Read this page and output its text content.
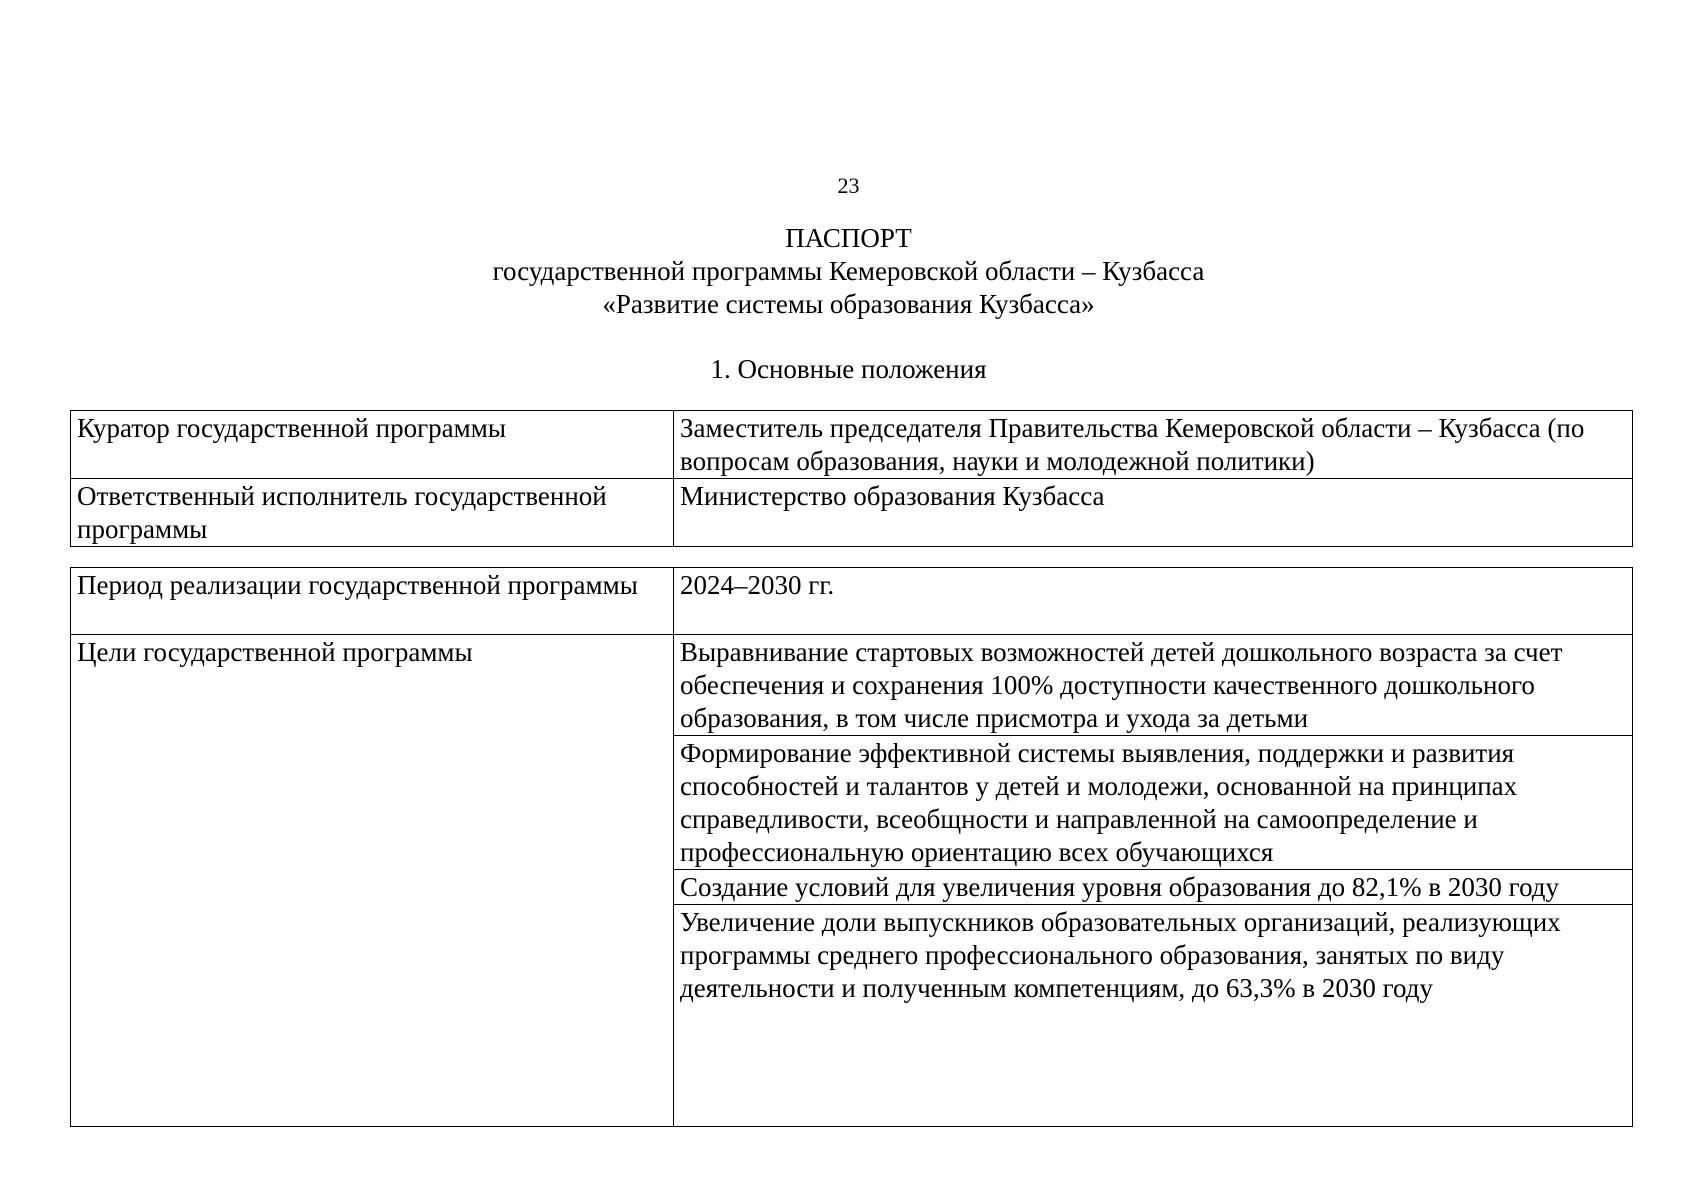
23
ПАСПОРТ
государственной программы Кемеровской области – Кузбасса
«Развитие системы образования Кузбасса»
1. Основные положения
Куратор государственной программы	Заместитель председателя Правительства Кемеровской области – Кузбасса (по вопросам образования, науки и молодежной политики)
Ответственный исполнитель государственной программы	Министерство образования Кузбасса
Период реализации государственной программы	2024–2030 гг.
Цели государственной программы	Выравнивание стартовых возможностей детей дошкольного возраста за счет обеспечения и сохранения 100% доступности качественного дошкольного образования, в том числе присмотра и ухода за детьми
Формирование эффективной системы выявления, поддержки и развития способностей и талантов у детей и молодежи, основанной на принципах справедливости, всеобщности и направленной на самоопределение и профессиональную ориентацию всех обучающихся
Создание условий для увеличения уровня образования до 82,1% в 2030 году
Увеличение доли выпускников образовательных организаций, реализующих программы среднего профессионального образования, занятых по виду деятельности и полученным компетенциям, до 63,3% в 2030 году
